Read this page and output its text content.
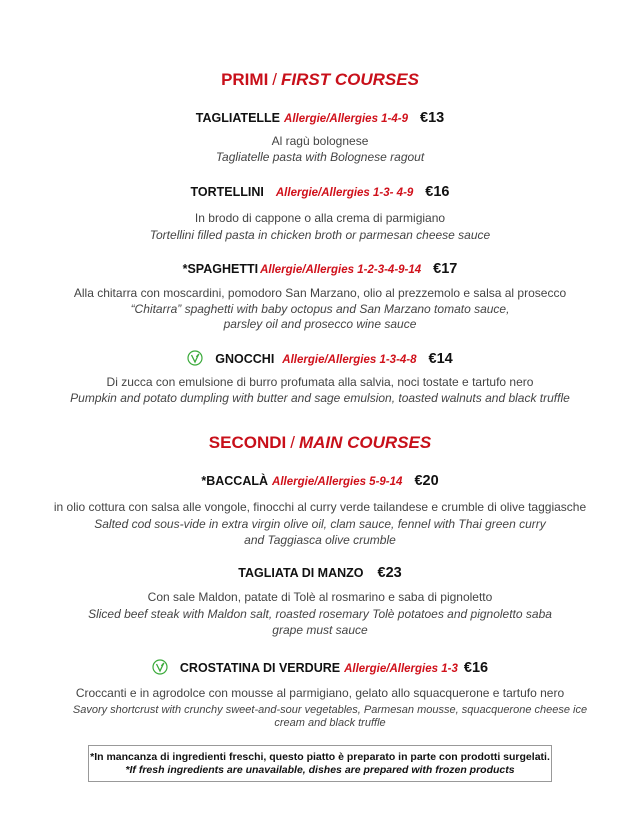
PRIMI / FIRST COURSES
TAGLIATELLE Allergie/Allergies 1-4-9 €13
Al ragù bolognese
Tagliatelle pasta with Bolognese ragout
TORTELLINI Allergie/Allergies 1-3- 4-9 €16
In brodo di cappone o alla crema di parmigiano
Tortellini filled pasta in chicken broth or parmesan cheese sauce
*SPAGHETTI Allergie/Allergies 1-2-3-4-9-14 €17
Alla chitarra con moscardini, pomodoro San Marzano, olio al prezzemolo e salsa al prosecco
“Chitarra” spaghetti with baby octopus and San Marzano tomato sauce,
parsley oil and prosecco wine sauce
GNOCCHI Allergie/Allergies 1-3-4-8 €14
Di zucca con emulsione di burro profumata alla salvia, noci tostate e tartufo nero
Pumpkin and potato dumpling with butter and sage emulsion, toasted walnuts and black truffle
SECONDI / MAIN COURSES
*BACCALÀ Allergie/Allergies 5-9-14 €20
in olio cottura con salsa alle vongole, finocchi al curry verde tailandese e crumble di olive taggiasche
Salted cod sous-vide in extra virgin olive oil, clam sauce, fennel with Thai green curry
and Taggiasca olive crumble
TAGLIATA DI MANZO €23
Con sale Maldon, patate di Tolè al rosmarino e saba di pignoletto
Sliced beef steak with Maldon salt, roasted rosemary Tolè potatoes and pignoletto saba
grape must sauce
CROSTATINA DI VERDURE Allergie/Allergies 1-3 €16
Croccanti e in agrodolce con mousse al parmigiano, gelato allo squacquerone e tartufo nero
Savory shortcrust with crunchy sweet-and-sour vegetables, Parmesan mousse, squacquerone cheese ice
cream and black truffle
*In mancanza di ingredienti freschi, questo piatto è preparato in parte con prodotti surgelati.
*If fresh ingredients are unavailable, dishes are prepared with frozen products
